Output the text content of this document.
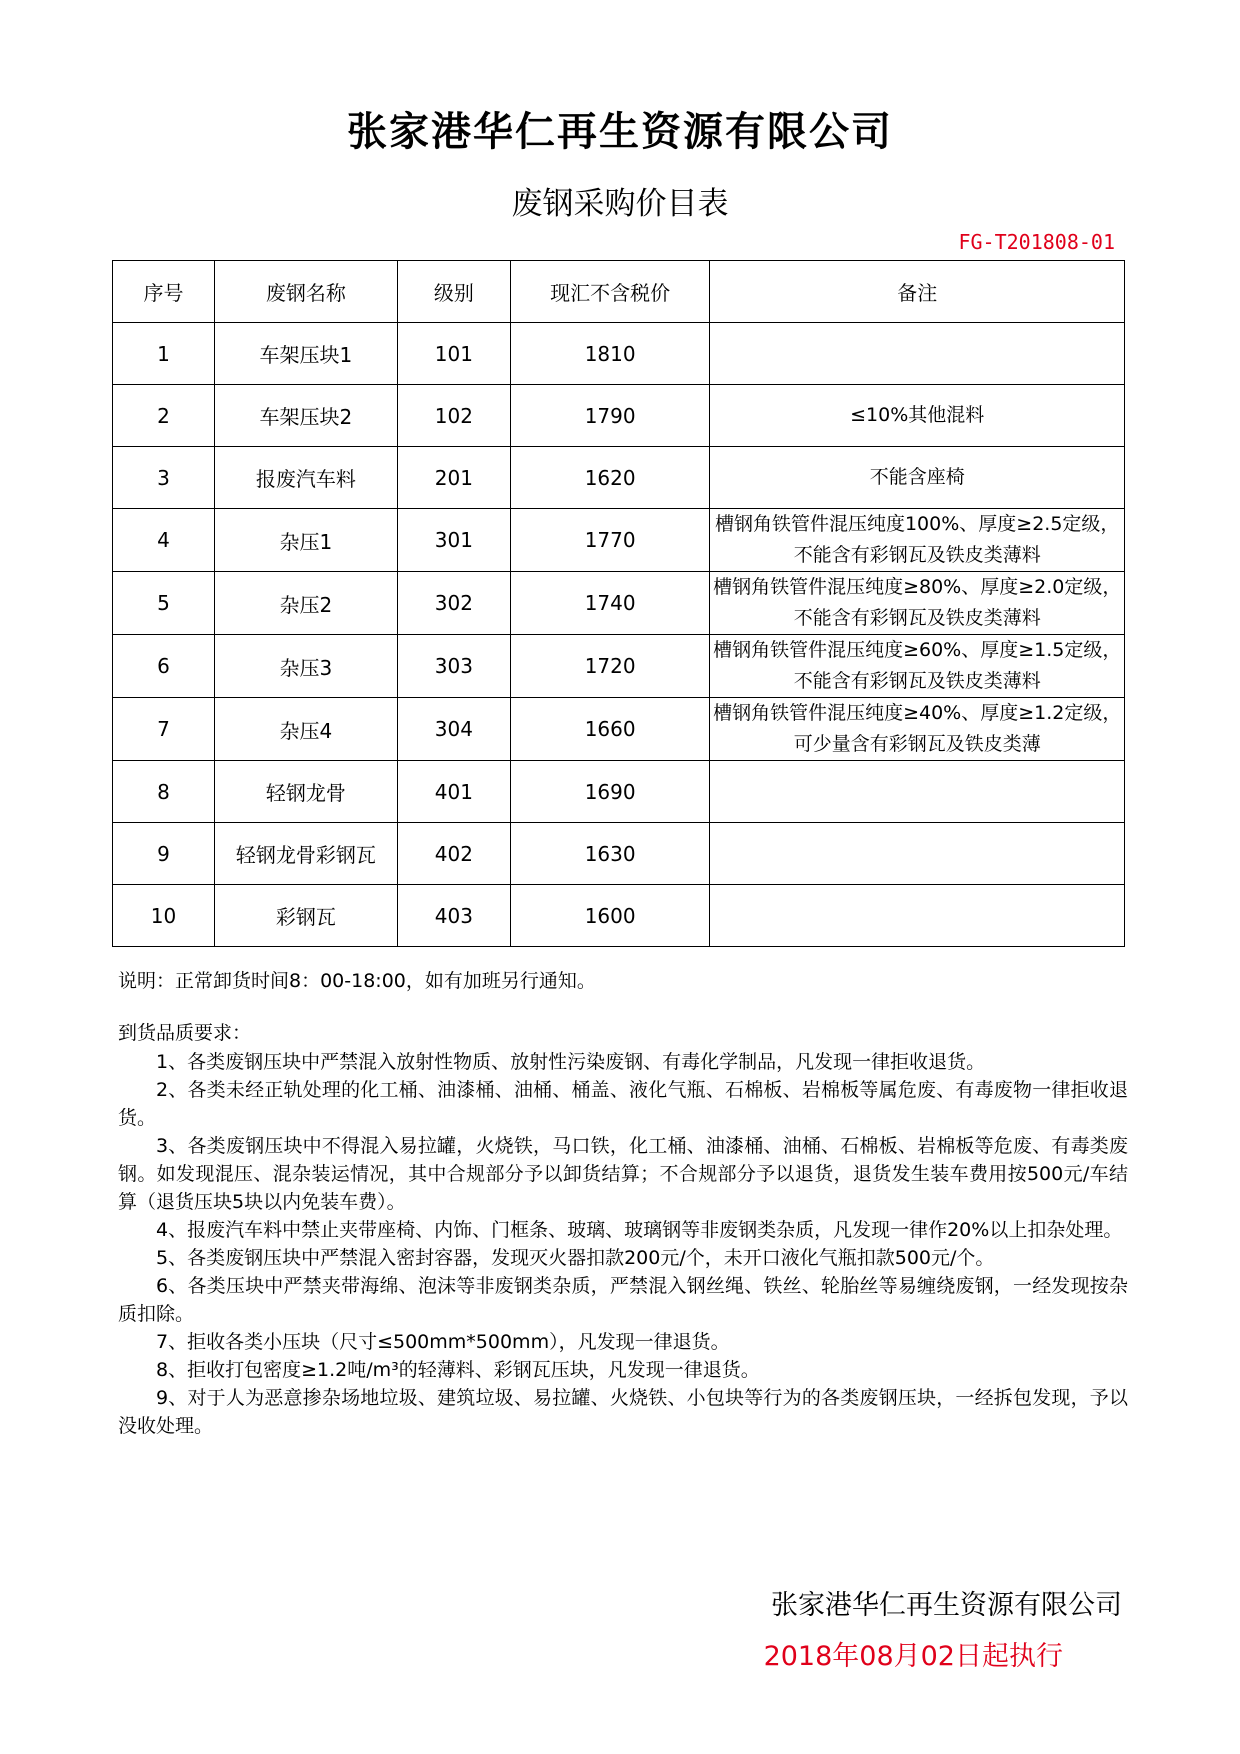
张家港华仁再生资源有限公司
废钢采购价目表
FG-T201808-01
序号	废钢名称	级别	现汇不含税价	备注
1	车架压块1	101	1810	
2	车架压块2	102	1790	≤10%其他混料
3	报废汽车料	201	1620	不能含座椅
4	杂压1	301	1770	槽钢角铁管件混压纯度100%、厚度≥2.5定级，不能含有彩钢瓦及铁皮类薄料
5	杂压2	302	1740	槽钢角铁管件混压纯度≥80%、厚度≥2.0定级，不能含有彩钢瓦及铁皮类薄料
6	杂压3	303	1720	槽钢角铁管件混压纯度≥60%、厚度≥1.5定级，不能含有彩钢瓦及铁皮类薄料
7	杂压4	304	1660	槽钢角铁管件混压纯度≥40%、厚度≥1.2定级，可少量含有彩钢瓦及铁皮类薄
8	轻钢龙骨	401	1690	
9	轻钢龙骨彩钢瓦	402	1630	
10	彩钢瓦	403	1600	

说明：正常卸货时间8：00-18:00，如有加班另行通知。

到货品质要求：

1、各类废钢压块中严禁混入放射性物质、放射性污染废钢、有毒化学制品，凡发现一律拒收退货。

2、各类未经正轨处理的化工桶、油漆桶、油桶、桶盖、液化气瓶、石棉板、岩棉板等属危废、有毒废物一律拒收退货。

3、各类废钢压块中不得混入易拉罐，火烧铁，马口铁，化工桶、油漆桶、油桶、石棉板、岩棉板等危废、有毒类废钢。如发现混压、混杂装运情况，其中合规部分予以卸货结算；不合规部分予以退货，退货发生装车费用按500元/车结算（退货压块5块以内免装车费）。

4、报废汽车料中禁止夹带座椅、内饰、门框条、玻璃、玻璃钢等非废钢类杂质，凡发现一律作20%以上扣杂处理。

5、各类废钢压块中严禁混入密封容器，发现灭火器扣款200元/个，未开口液化气瓶扣款500元/个。

6、各类压块中严禁夹带海绵、泡沫等非废钢类杂质，严禁混入钢丝绳、铁丝、轮胎丝等易缠绕废钢，一经发现按杂质扣除。

7、拒收各类小压块（尺寸≤500mm*500mm），凡发现一律退货。

8、拒收打包密度≥1.2吨/m³的轻薄料、彩钢瓦压块，凡发现一律退货。

9、对于人为恶意掺杂场地垃圾、建筑垃圾、易拉罐、火烧铁、小包块等行为的各类废钢压块，一经拆包发现，予以没收处理。

张家港华仁再生资源有限公司
2018年08月02日起执行
